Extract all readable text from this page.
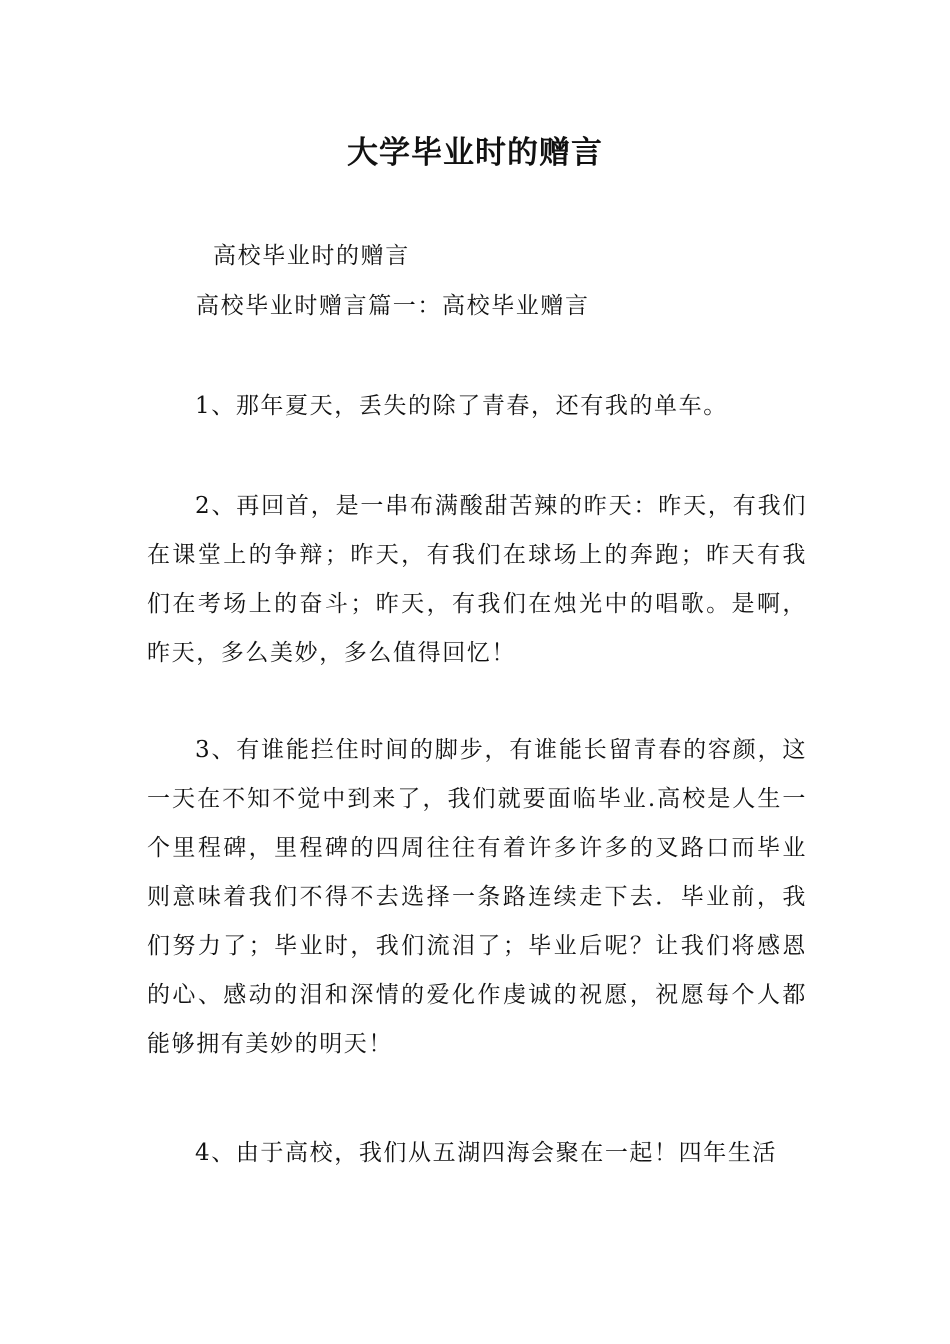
大学毕业时的赠言
高校毕业时的赠言
高校毕业时赠言篇一：高校毕业赠言
1、那年夏天，丢失的除了青春，还有我的单车。
2、再回首，是一串布满酸甜苦辣的昨天：昨天，有我们在课堂上的争辩；昨天，有我们在球场上的奔跑；昨天有我们在考场上的奋斗；昨天，有我们在烛光中的唱歌。是啊，昨天，多么美妙，多么值得回忆！
3、有谁能拦住时间的脚步，有谁能长留青春的容颜，这一天在不知不觉中到来了，我们就要面临毕业.高校是人生一个里程碑，里程碑的四周往往有着许多许多的叉路口而毕业则意味着我们不得不去选择一条路连续走下去．毕业前，我们努力了；毕业时，我们流泪了；毕业后呢？让我们将感恩的心、感动的泪和深情的爱化作虔诚的祝愿，祝愿每个人都能够拥有美妙的明天！
4、由于高校，我们从五湖四海会聚在一起！四年生活
